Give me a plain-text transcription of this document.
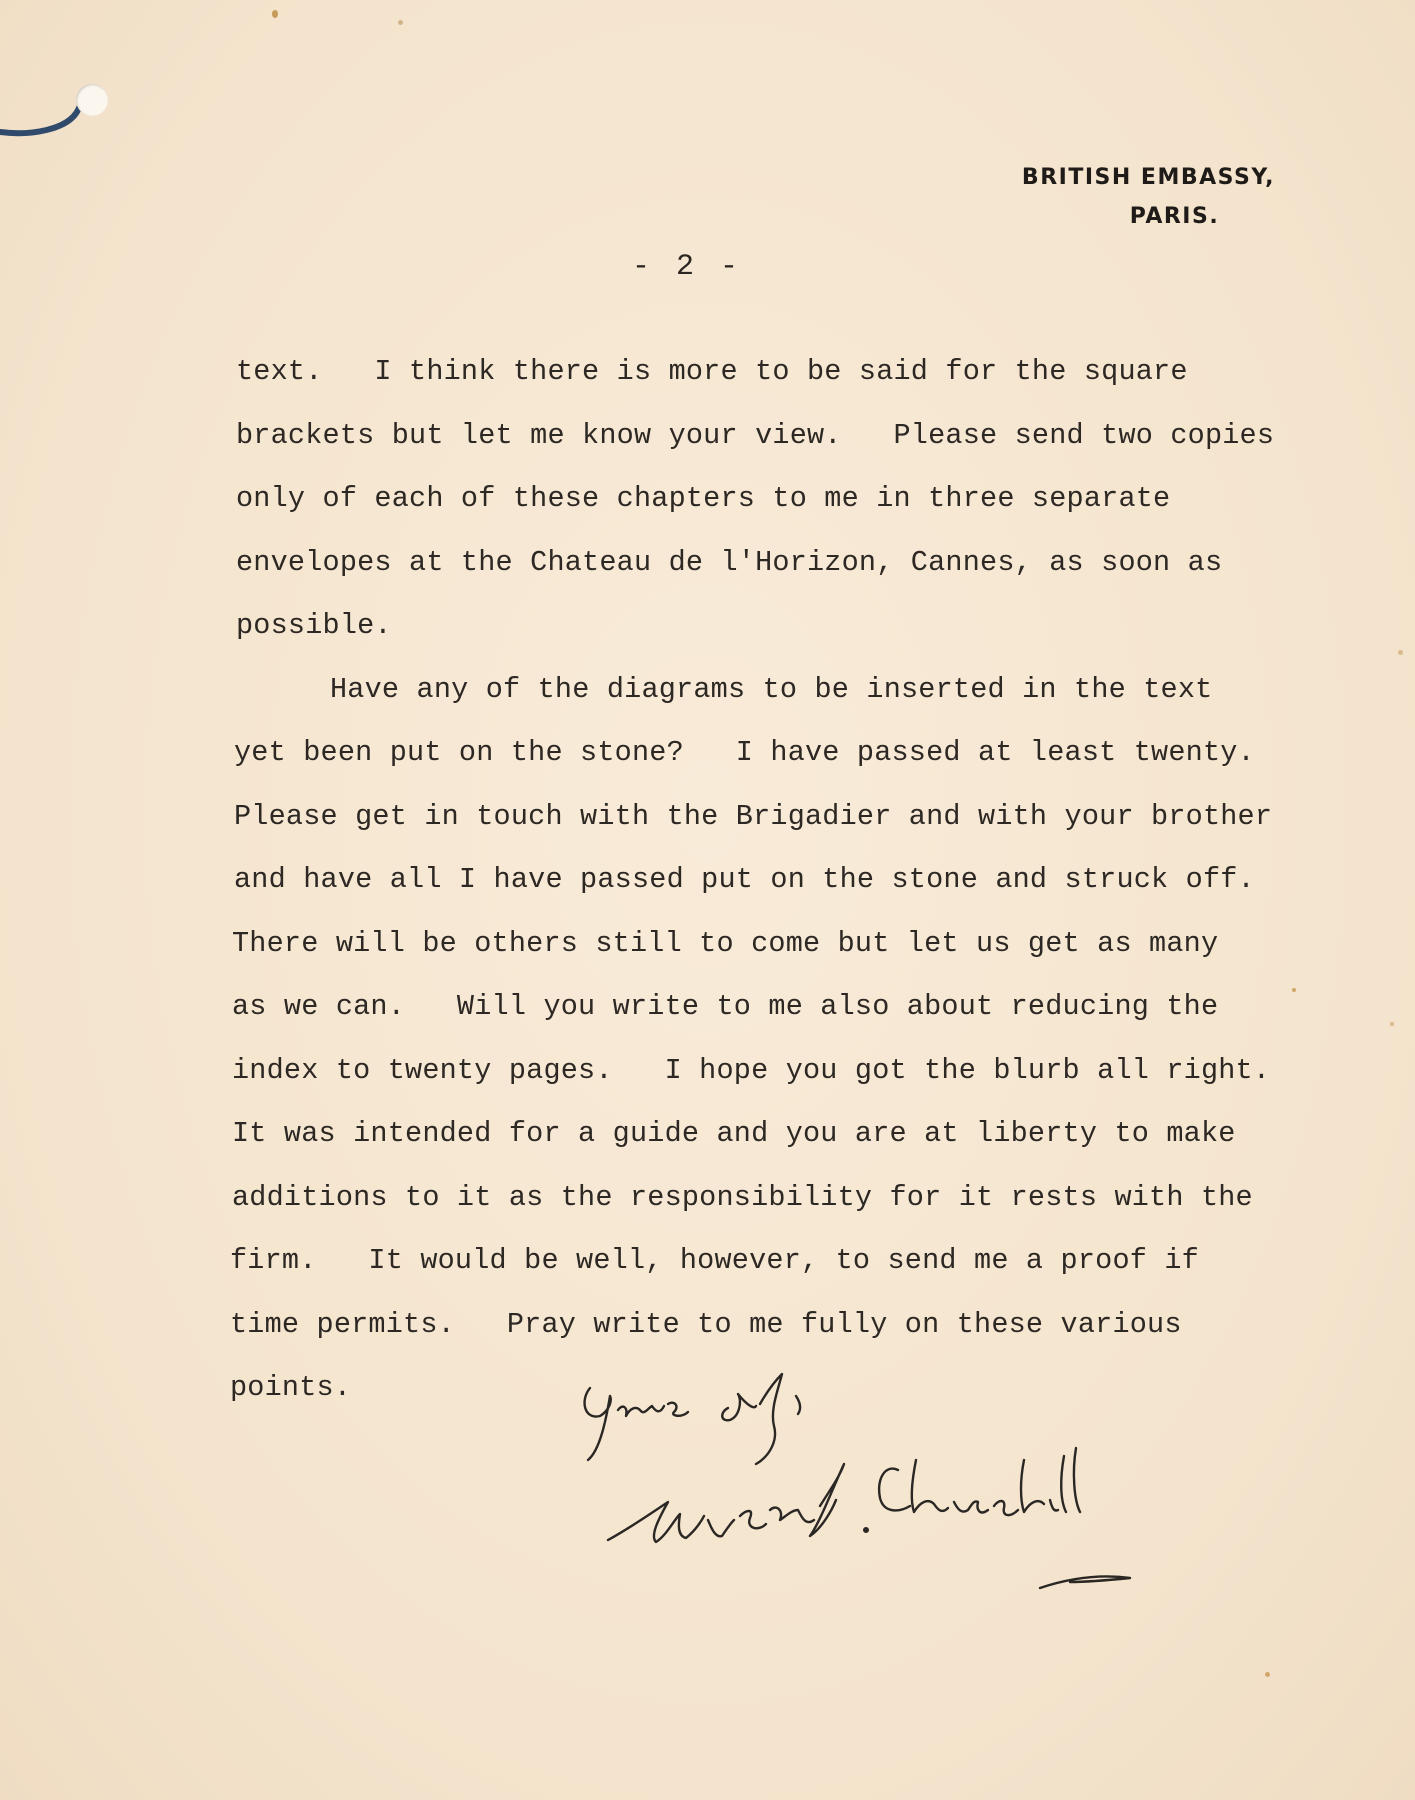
BRITISH EMBASSY,
PARIS.
- 2 -
text.   I think there is more to be said for the square
brackets but let me know your view.   Please send two copies
only of each of these chapters to me in three separate
envelopes at the Chateau de l'Horizon, Cannes, as soon as
possible.
Have any of the diagrams to be inserted in the text
yet been put on the stone?   I have passed at least twenty.
Please get in touch with the Brigadier and with your brother
and have all I have passed put on the stone and struck off.
There will be others still to come but let us get as many
as we can.   Will you write to me also about reducing the
index to twenty pages.   I hope you got the blurb all right.
It was intended for a guide and you are at liberty to make
additions to it as the responsibility for it rests with the
firm.   It would be well, however, to send me a proof if
time permits.   Pray write to me fully on these various
points.
